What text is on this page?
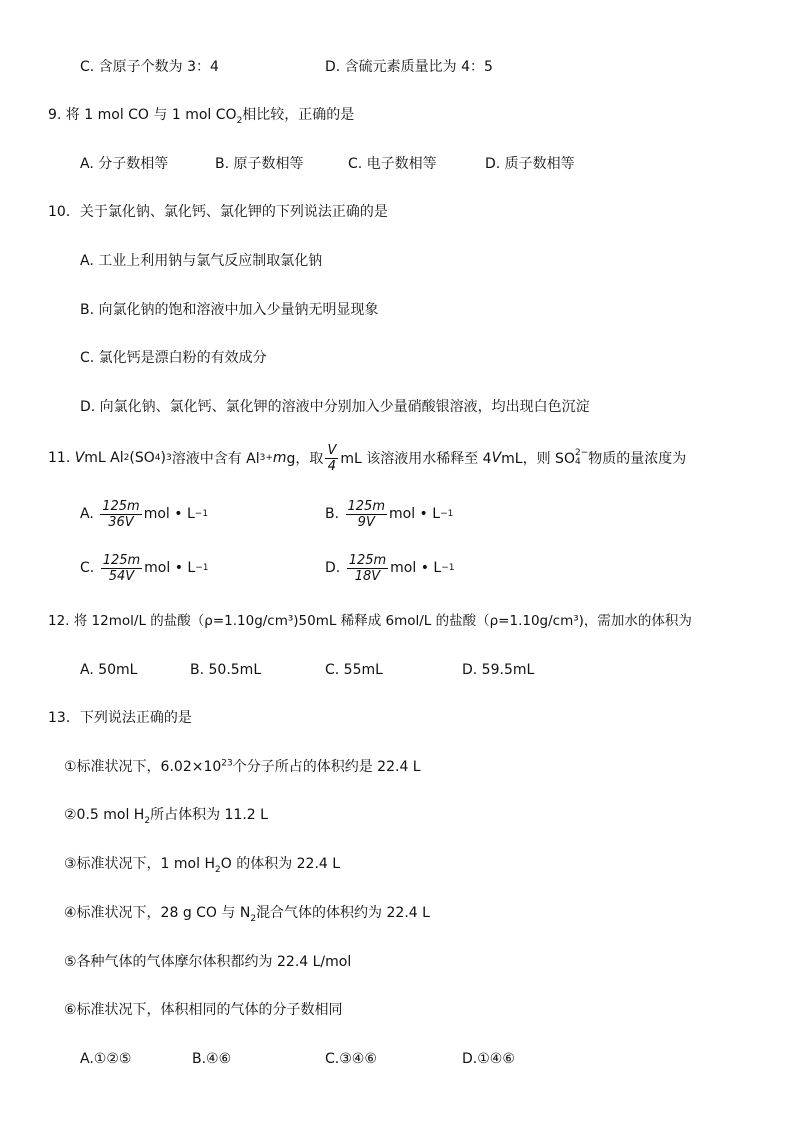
C. 含原子个数为 3：4	D. 含硫元素质量比为 4：5
9. 将 1 mol CO 与 1 mol $CO_2$相比较，正确的是
A. 分子数相等	B. 原子数相等	C. 电子数相等	D. 质子数相等
10．关于氯化钠、氯化钙、氯化钾的下列说法正确的是
A. 工业上利用钠与氯气反应制取氯化钠
B. 向氯化钠的饱和溶液中加入少量钠无明显现象
C. 氯化钙是漂白粉的有效成分
D. 向氯化钠、氯化钙、氯化钾的溶液中分别加入少量硝酸银溶液，均出现白色沉淀
11.
V mL Al 2 (SO 4 ) 3 溶液中含有 Al 3+ m g，取 $\frac{V}{4}$ mL 该溶液用水稀释至 4 V mL，则 SO 2−
4 物质的量浓度为
A.
$\frac{125m}{36V}$ mol • L −1	B.
$\frac{125m}{9V}$ mol • L −1
C.
$\frac{125m}{54V}$ mol • L −1	D.
$\frac{125m}{18V}$ mol • L −1
12. 将 12mol/L 的盐酸（ρ=1.10g/cm³)50mL 稀释成 6mol/L 的盐酸（ρ=1.10g/cm³)，需加水的体积为
A. 50mL	B. 50.5mL	C. 55mL	D. 59.5mL
13．下列说法正确的是
①标准状况下，$6.02\times 10^{23}$个分子所占的体积约是 22.4 L
②0.5 mol $H_2$所占体积为 11.2 L
③标准状况下，1 mol $H_2O$ 的体积为 22.4 L
④标准状况下，28 g CO 与 $N_2$混合气体的体积约为 22.4 L
⑤各种气体的气体摩尔体积都约为 22.4 L/mol
⑥标准状况下，体积相同的气体的分子数相同
A.①②⑤	B.④⑥	C.③④⑥	D.①④⑥
